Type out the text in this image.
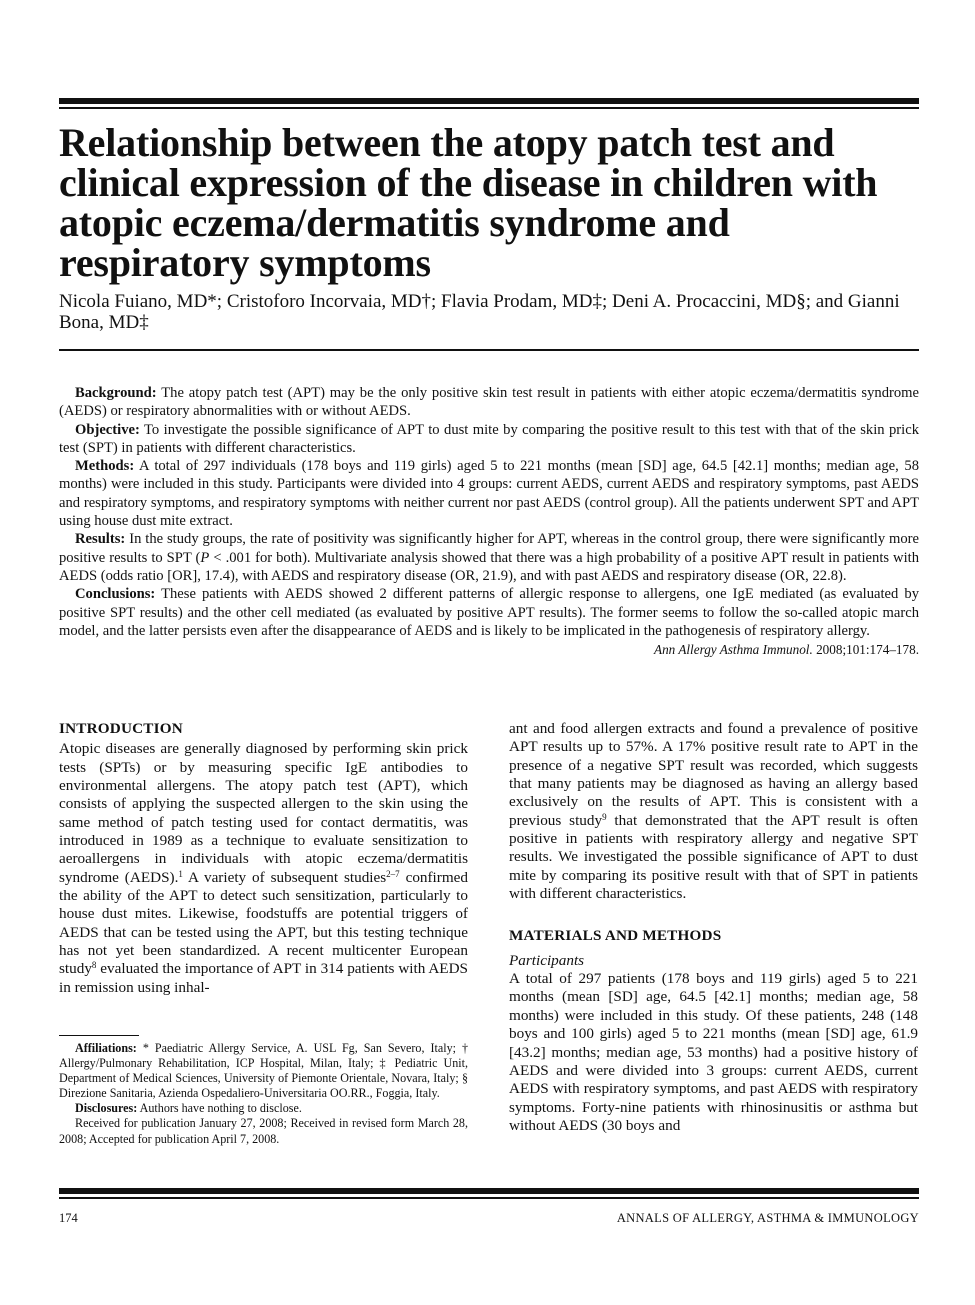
Relationship between the atopy patch test and clinical expression of the disease in children with atopic eczema/dermatitis syndrome and respiratory symptoms

Nicola Fuiano, MD*; Cristoforo Incorvaia, MD†; Flavia Prodam, MD‡; Deni A. Procaccini, MD§; and Gianni Bona, MD‡

Background: The atopy patch test (APT) may be the only positive skin test result in patients with either atopic eczema/dermatitis syndrome (AEDS) or respiratory abnormalities with or without AEDS.

Objective: To investigate the possible significance of APT to dust mite by comparing the positive result to this test with that of the skin prick test (SPT) in patients with different characteristics.

Methods: A total of 297 individuals (178 boys and 119 girls) aged 5 to 221 months (mean [SD] age, 64.5 [42.1] months; median age, 58 months) were included in this study. Participants were divided into 4 groups: current AEDS, current AEDS and respiratory symptoms, past AEDS and respiratory symptoms, and respiratory symptoms with neither current nor past AEDS (control group). All the patients underwent SPT and APT using house dust mite extract.

Results: In the study groups, the rate of positivity was significantly higher for APT, whereas in the control group, there were significantly more positive results to SPT (P < .001 for both). Multivariate analysis showed that there was a high probability of a positive APT result in patients with AEDS (odds ratio [OR], 17.4), with AEDS and respiratory disease (OR, 21.9), and with past AEDS and respiratory disease (OR, 22.8).

Conclusions: These patients with AEDS showed 2 different patterns of allergic response to allergens, one IgE mediated (as evaluated by positive SPT results) and the other cell mediated (as evaluated by positive APT results). The former seems to follow the so-called atopic march model, and the latter persists even after the disappearance of AEDS and is likely to be implicated in the pathogenesis of respiratory allergy.

Ann Allergy Asthma Immunol. 2008;101:174–178.
INTRODUCTION

Atopic diseases are generally diagnosed by performing skin prick tests (SPTs) or by measuring specific IgE antibodies to environmental allergens. The atopy patch test (APT), which consists of applying the suspected allergen to the skin using the same method of patch testing used for contact dermatitis, was introduced in 1989 as a technique to evaluate sensitization to aeroallergens in individuals with atopic eczema/dermatitis syndrome (AEDS).$^1$ A variety of subsequent studies$^{2-7}$ confirmed the ability of the APT to detect such sensitization, particularly to house dust mites. Likewise, foodstuffs are potential triggers of AEDS that can be tested using the APT, but this testing technique has not yet been standardized. A recent multicenter European study$^8$ evaluated the importance of APT in 314 patients with AEDS in remission using inhal-

ant and food allergen extracts and found a prevalence of positive APT results up to 57%. A 17% positive result rate to APT in the presence of a negative SPT result was recorded, which suggests that many patients may be diagnosed as having an allergy based exclusively on the results of APT. This is consistent with a previous study$^9$ that demonstrated that the APT result is often positive in patients with respiratory allergy and negative SPT results. We investigated the possible significance of APT to dust mite by comparing its positive result with that of SPT in patients with different characteristics.

MATERIALS AND METHODS

Participants

A total of 297 patients (178 boys and 119 girls) aged 5 to 221 months (mean [SD] age, 64.5 [42.1] months; median age, 58 months) were included in this study. Of these patients, 248 (148 boys and 100 girls) aged 5 to 221 months (mean [SD] age, 61.9 [43.2] months; median age, 53 months) had a positive history of AEDS and were divided into 3 groups: current AEDS, current AEDS with respiratory symptoms, and past AEDS with respiratory symptoms. Forty-nine patients with rhinosinusitis or asthma but without AEDS (30 boys and

Affiliations: * Paediatric Allergy Service, A. USL Fg, San Severo, Italy; † Allergy/Pulmonary Rehabilitation, ICP Hospital, Milan, Italy; ‡ Pediatric Unit, Department of Medical Sciences, University of Piemonte Orientale, Novara, Italy; § Direzione Sanitaria, Azienda Ospedaliero-Universitaria OO.RR., Foggia, Italy.

Disclosures: Authors have nothing to disclose.

Received for publication January 27, 2008; Received in revised form March 28, 2008; Accepted for publication April 7, 2008.

174	ANNALS OF ALLERGY, ASTHMA & IMMUNOLOGY
